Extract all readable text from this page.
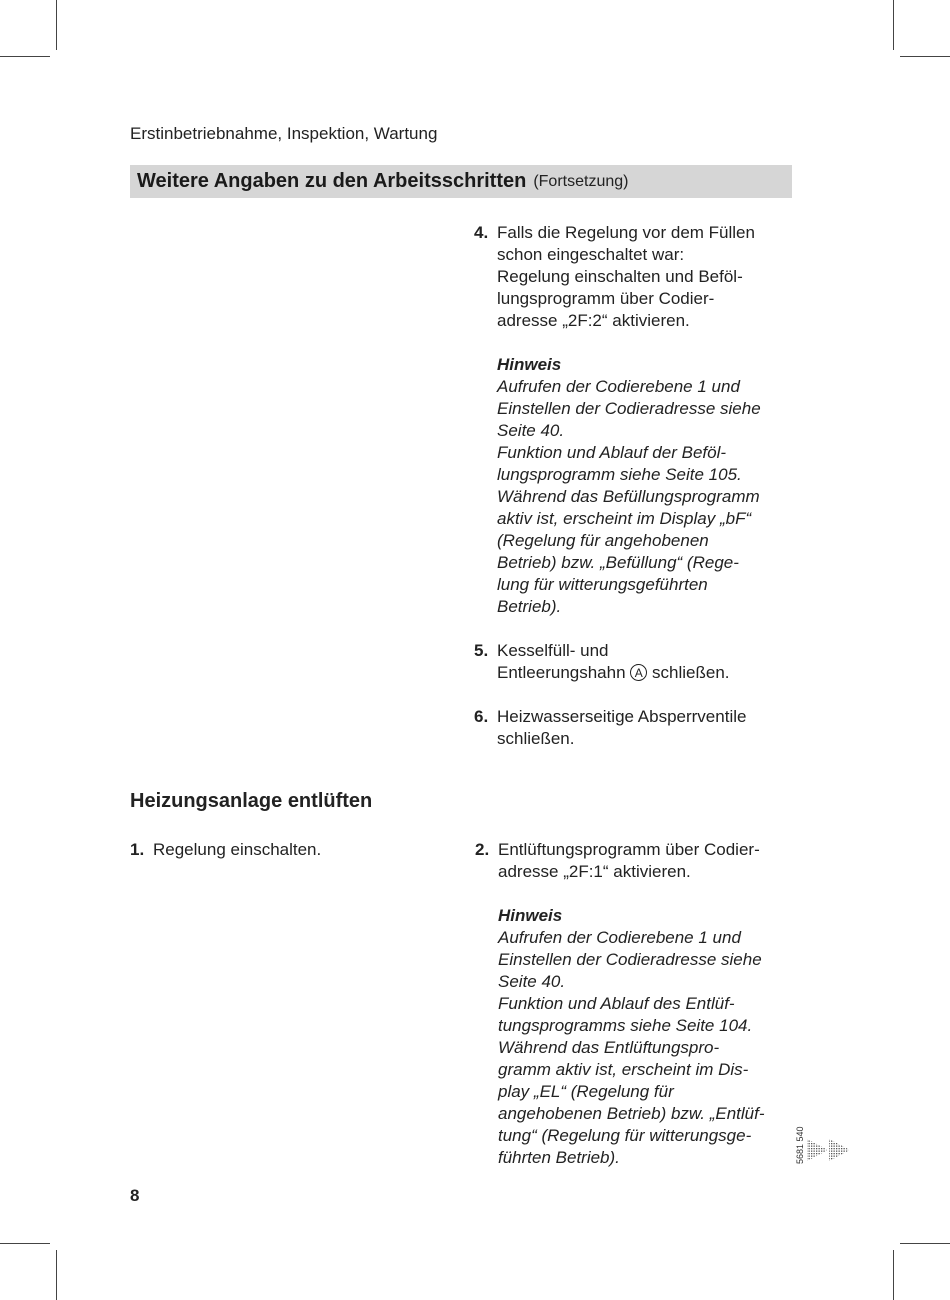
Erstinbetriebnahme, Inspektion, Wartung
Weitere Angaben zu den Arbeitsschritten (Fortsetzung)
4. Falls die Regelung vor dem Füllen
schon eingeschaltet war:
Regelung einschalten und Beföl-
lungsprogramm über Codier-
adresse „2F:2“ aktivieren.
Hinweis
Aufrufen der Codierebene 1 und
Einstellen der Codieradresse siehe
Seite 40.
Funktion und Ablauf der Beföl-
lungsprogramm siehe Seite 105.
Während das Befüllungsprogramm
aktiv ist, erscheint im Display „bF“
(Regelung für angehobenen
Betrieb) bzw. „Befüllung“ (Rege-
lung für witterungsgeführten
Betrieb).
5. Kesselfüll- und
Entleerungshahn A schließen.
6. Heizwasserseitige Absperrventile
schließen.
Heizungsanlage entlüften
1. Regelung einschalten.	2. Entlüftungsprogramm über Codier-
adresse „2F:1“ aktivieren.
Hinweis
Aufrufen der Codierebene 1 und
Einstellen der Codieradresse siehe
Seite 40.
Funktion und Ablauf des Entlüf-
tungsprogramms siehe Seite 104.
Während das Entlüftungspro-
gramm aktiv ist, erscheint im Dis-
play „EL“ (Regelung für
angehobenen Betrieb) bzw. „Entlüf-
tung“ (Regelung für witterungsge-
führten Betrieb).	5681 540
8
